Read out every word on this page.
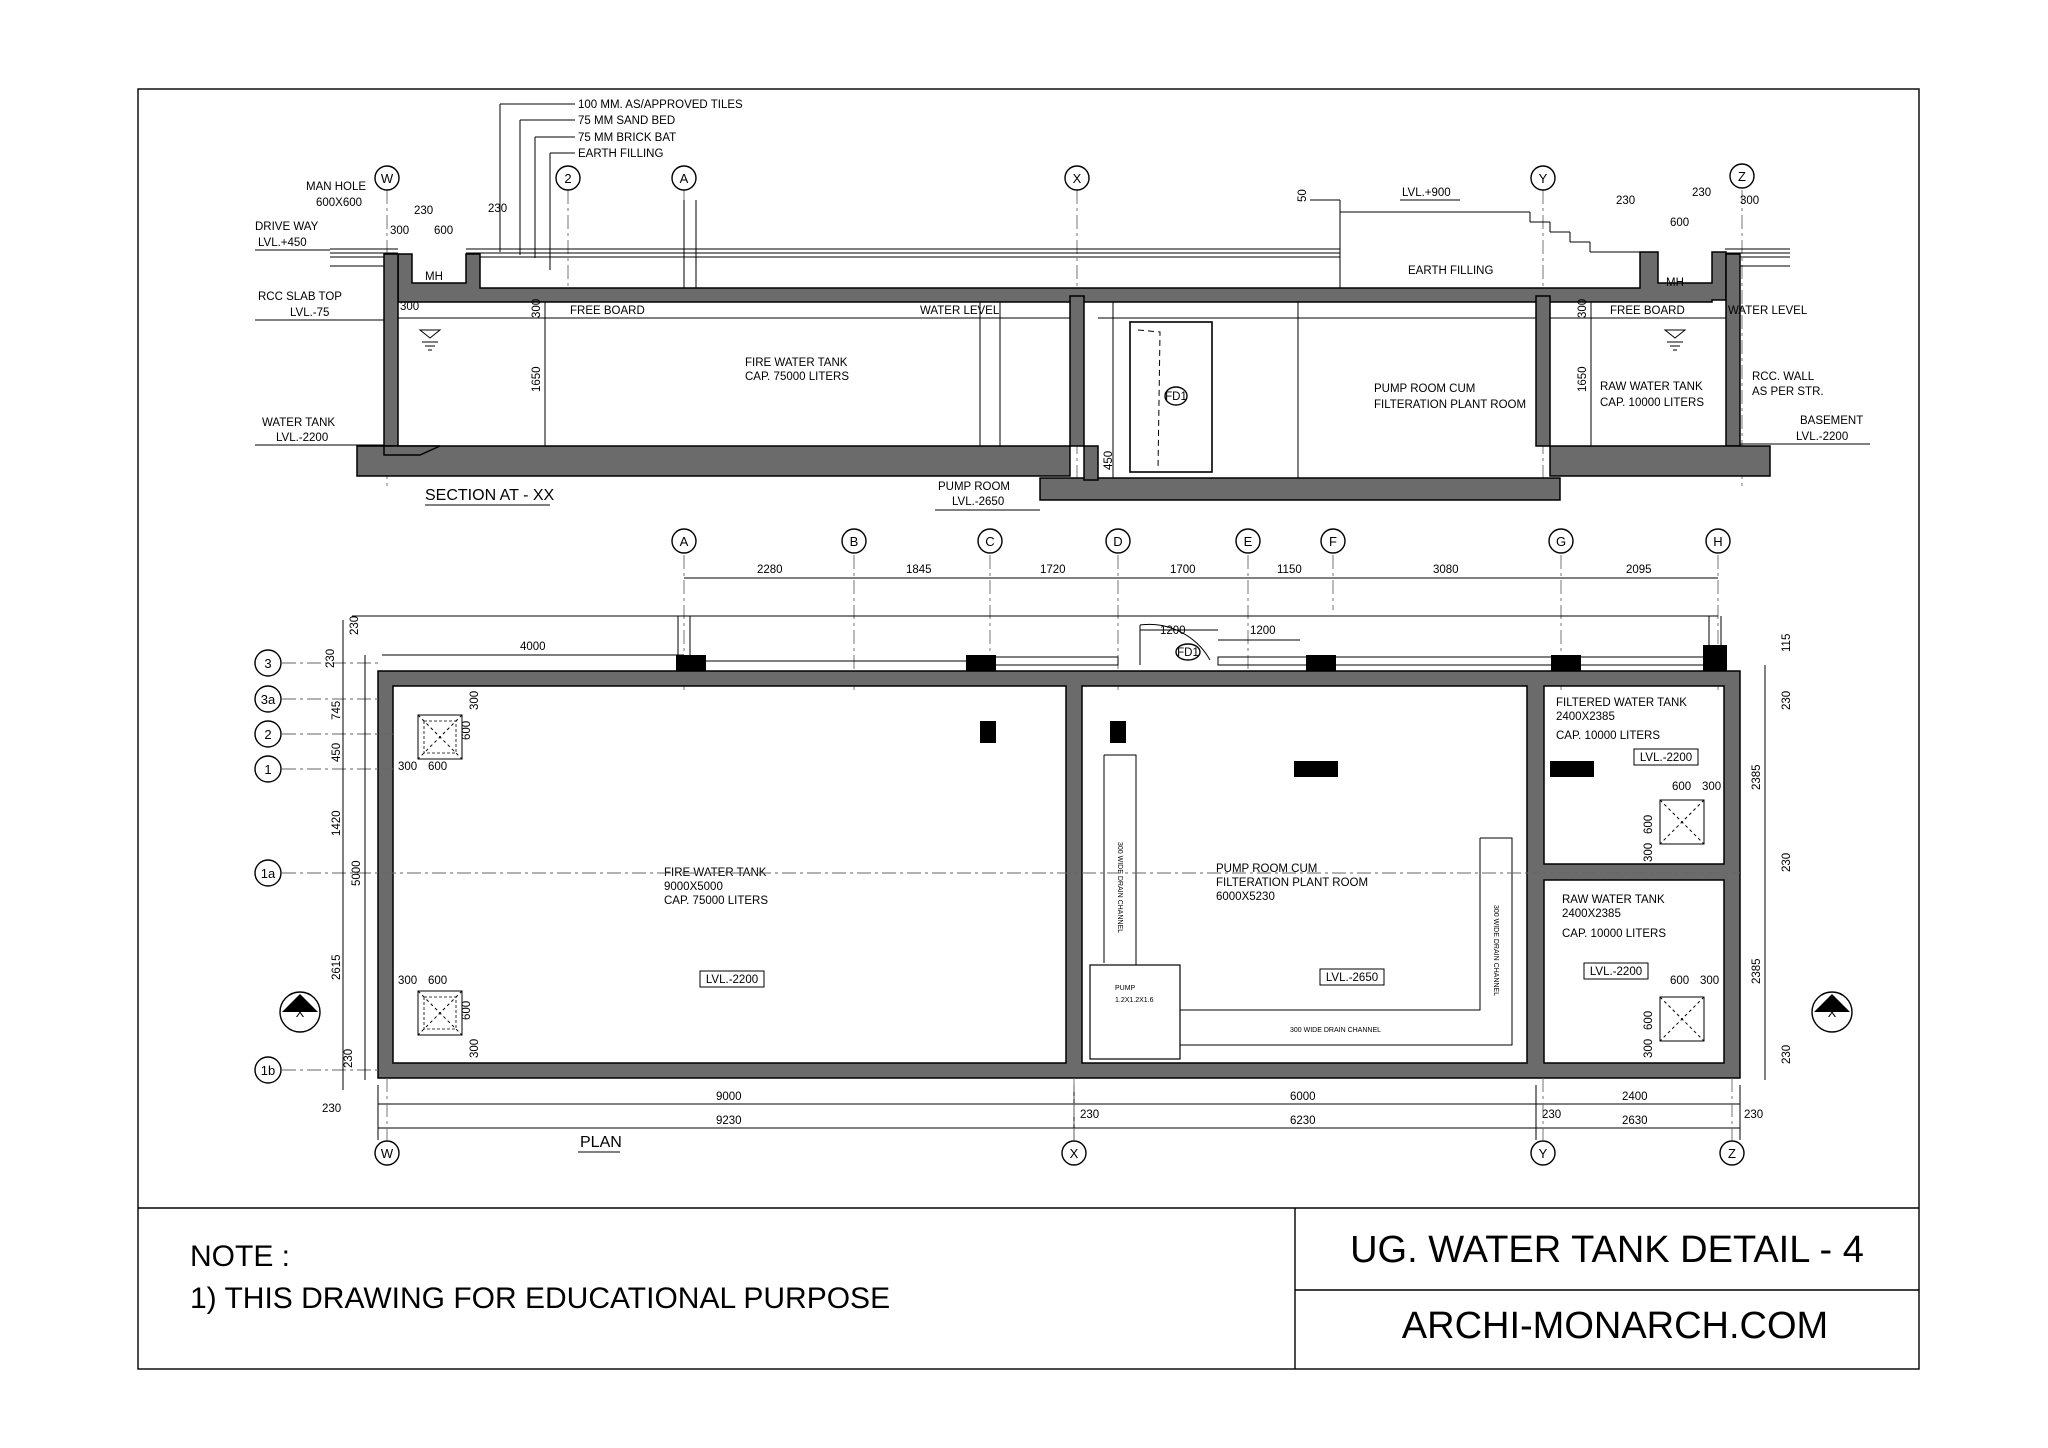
FD1
W	2	A	X	Y	Z
100 MM. AS/APPROVED TILES
75 MM SAND BED
75 MM BRICK BAT
EARTH FILLING
MAN HOLE
600X600
DRIVE WAY
LVL.+450
RCC SLAB TOP
LVL.-75
WATER TANK
LVL.-2200
MH	MH
300
230
600
230
300	300
1650
450
50	230
600
230
300
300
1650
FREE BOARD	WATER LEVEL
FIRE WATER TANK
CAP. 75000 LITERS
LVL.+900
EARTH FILLING
PUMP ROOM CUM
FILTERATION PLANT ROOM
FREE BOARD	WATER LEVEL
RAW WATER TANK
CAP. 10000 LITERS
RCC. WALL
AS PER STR.
BASEMENT
LVL.-2200
PUMP ROOM
LVL.-2650
SECTION AT - XX
A	B	C	D	E	F	G	H
2280	1845	1720	1700	1150	3080	2095
FD1
1200	1200
4000
300 WIDE DRAIN CHANNEL
300 WIDE DRAIN CHANNEL
300 WIDE DRAIN CHANNEL
PUMP
1.2X1.2X1.6
300 600
600
300
300 600
600
300
600 300
600
300
600 300
600
300
FIRE WATER TANK
9000X5000
CAP. 75000 LITERS
LVL.-2200
PUMP ROOM CUM
FILTERATION PLANT ROOM
6000X5230
LVL.-2650
FILTERED WATER TANK
2400X2385
CAP. 10000 LITERS
LVL.-2200
RAW WATER TANK
2400X2385
CAP. 10000 LITERS
LVL.-2200
3
3a
2
1
1a
1b
230
230
745
450
1420
5000
2615
230
230
115
230
2385
230
2385
230
X	X
9000	6000	2400
9230	6230	2630
230	230	230
W	X	Y	Z
PLAN
NOTE :
1) THIS DRAWING FOR EDUCATIONAL PURPOSE
UG. WATER TANK DETAIL - 4
ARCHI-MONARCH.COM
